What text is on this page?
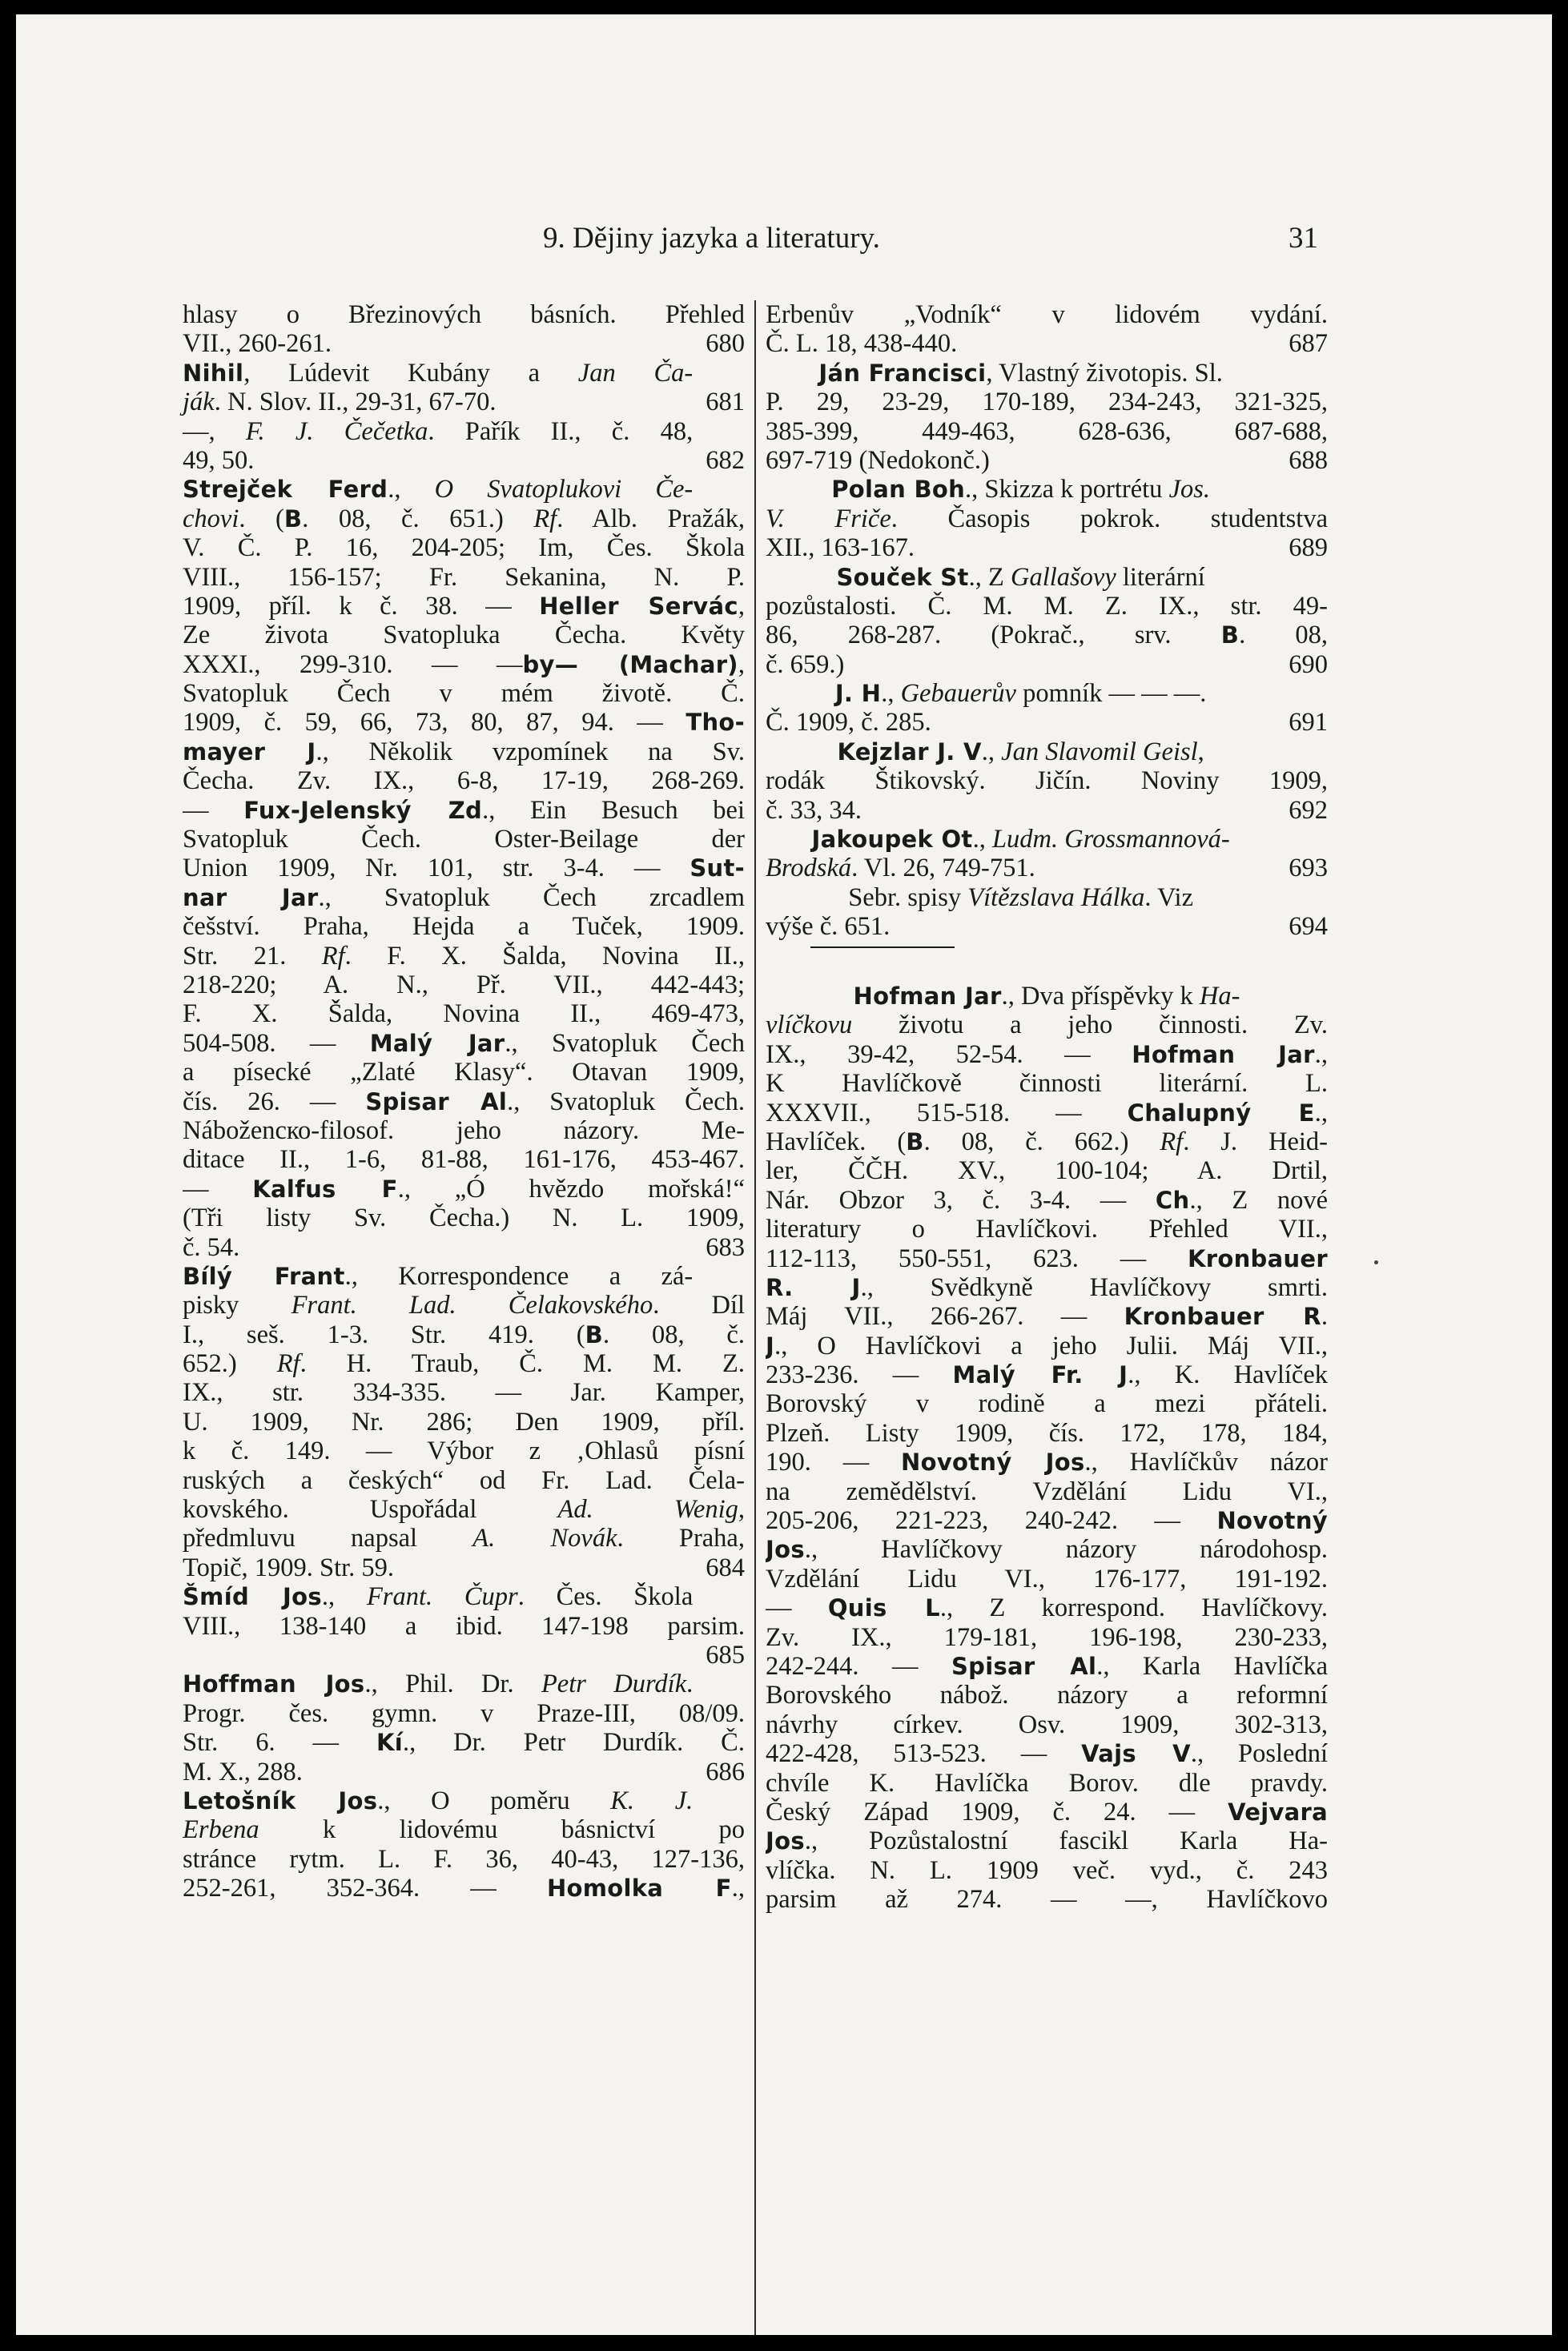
9. Dějiny jazyka a literatury.	31
hlasy o Březinových básních. Přehled
680
VII., 260-261.
Nihil, Lúdevit Kubány a Jan Ča-
681
ják. N. Slov. II., 29-31, 67-70.
—, F. J. Čečetka. Pařík II., č. 48,
682
49, 50.
Strejček Ferd., O Svatoplukovi Če-
chovi. (B. 08, č. 651.) Rf. Alb. Pražák,
V. Č. P. 16, 204-205; Im, Čes. Škola
VIII., 156-157; Fr. Sekanina, N. P.
1909, příl. k č. 38. — Heller Servác,
Ze života Svatopluka Čecha. Květy
XXXI., 299-310. — —by— (Machar),
Svatopluk Čech v mém životě. Č.
1909, č. 59, 66, 73, 80, 87, 94. — Tho-
mayer J., Několik vzpomínek na Sv.
Čecha. Zv. IX., 6-8, 17-19, 268-269.
— Fux-Jelenský Zd., Ein Besuch bei
Svatopluk Čech. Oster-Beilage der
Union 1909, Nr. 101, str. 3-4. — Sut-
nar Jar., Svatopluk Čech zrcadlem
češství. Praha, Hejda a Tuček, 1909.
Str. 21. Rf. F. X. Šalda, Novina II.,
218-220; A. N., Př. VII., 442-443;
F. X. Šalda, Novina II., 469-473,
504-508. — Malý Jar., Svatopluk Čech
a písecké „Zlaté Klasy“. Otavan 1909,
čís. 26. — Spisar Al., Svatopluk Čech.
Náboženско-filosof. jeho názory. Me-
ditace II., 1-6, 81-88, 161-176, 453-467.
— Kalfus F., „Ó hvězdo mořská!“
(Tři listy Sv. Čecha.) N. L. 1909,
683
č. 54.
Bílý Frant., Korrespondence a zá-
pisky Frant. Lad. Čelakovského. Díl
I., seš. 1-3. Str. 419. (B. 08, č.
652.) Rf. H. Traub, Č. M. M. Z.
IX., str. 334-335. — Jar. Kamper,
U. 1909, Nr. 286; Den 1909, příl.
k č. 149. — Výbor z ‚Ohlasů písní
ruských a českých“ od Fr. Lad. Čela-
kovského. Uspořádal Ad. Wenig,
předmluvu napsal A. Novák. Praha,
684
Topič, 1909. Str. 59.
Šmíd Jos., Frant. Čupr. Čes. Škola
VIII., 138-140 a ibid. 147-198 parsim.
685
Hoffman Jos., Phil. Dr. Petr Durdík.
Progr. čes. gymn. v Praze-III, 08/09.
Str. 6. — Kí., Dr. Petr Durdík. Č.
686
M. X., 288.
Letošník Jos., O poměru K. J.
Erbena k lidovému básnictví po
stránce rytm. L. F. 36, 40-43, 127-136,
252-261, 352-364. — Homolka F.,
Erbenův „Vodník“ v lidovém vydání.
687
Č. L. 18, 438-440.
Ján Francisci, Vlastný životopis. Sl.
P. 29, 23-29, 170-189, 234-243, 321-325,
385-399, 449-463, 628-636, 687-688,
688
697-719 (Nedokonč.)
Polan Boh., Skizza k portrétu Jos.
V. Friče. Časopis pokrok. studentstva
689
XII., 163-167.
Souček St., Z Gallašovy literární
pozůstalosti. Č. M. M. Z. IX., str. 49-
86, 268-287. (Pokrač., srv. B. 08,
690
č. 659.)
J. H., Gebauerův pomník — — —.
691
Č. 1909, č. 285.
Kejzlar J. V., Jan Slavomil Geisl,
rodák Štikovský. Jičín. Noviny 1909,
692
č. 33, 34.
Jakoupek Ot., Ludm. Grossmannová-
693
Brodská. Vl. 26, 749-751.
Sebr. spisy Vítězslava Hálka. Viz
694
výše č. 651.
Hofman Jar., Dva příspěvky k Ha-
vlíčkovu životu a jeho činnosti. Zv.
IX., 39-42, 52-54. — Hofman Jar.,
K Havlíčkově činnosti literární. L.
XXXVII., 515-518. — Chalupný E.,
Havlíček. (B. 08, č. 662.) Rf. J. Heid-
ler, ČČH. XV., 100-104; A. Drtil,
Nár. Obzor 3, č. 3-4. — Ch., Z nové
literatury o Havlíčkovi. Přehled VII.,
112-113, 550-551, 623. — Kronbauer
R. J., Svědkyně Havlíčkovy smrti.
Máj VII., 266-267. — Kronbauer R.
J., O Havlíčkovi a jeho Julii. Máj VII.,
233-236. — Malý Fr. J., K. Havlíček
Borovský v rodině a mezi přáteli.
Plzeň. Listy 1909, čís. 172, 178, 184,
190. — Novotný Jos., Havlíčkův názor
na zemědělství. Vzdělání Lidu VI.,
205-206, 221-223, 240-242. — Novotný
Jos., Havlíčkovy názory národohosp.
Vzdělání Lidu VI., 176-177, 191-192.
— Quis L., Z korrespond. Havlíčkovy.
Zv. IX., 179-181, 196-198, 230-233,
242-244. — Spisar Al., Karla Havlíčka
Borovského nábož. názory a reformní
návrhy církev. Osv. 1909, 302-313,
422-428, 513-523. — Vajs V., Poslední
chvíle K. Havlíčka Borov. dle pravdy.
Český Západ 1909, č. 24. — Vejvara
Jos., Pozůstalostní fascikl Karla Ha-
vlíčka. N. L. 1909 več. vyd., č. 243
parsim až 274. — —, Havlíčkovo
